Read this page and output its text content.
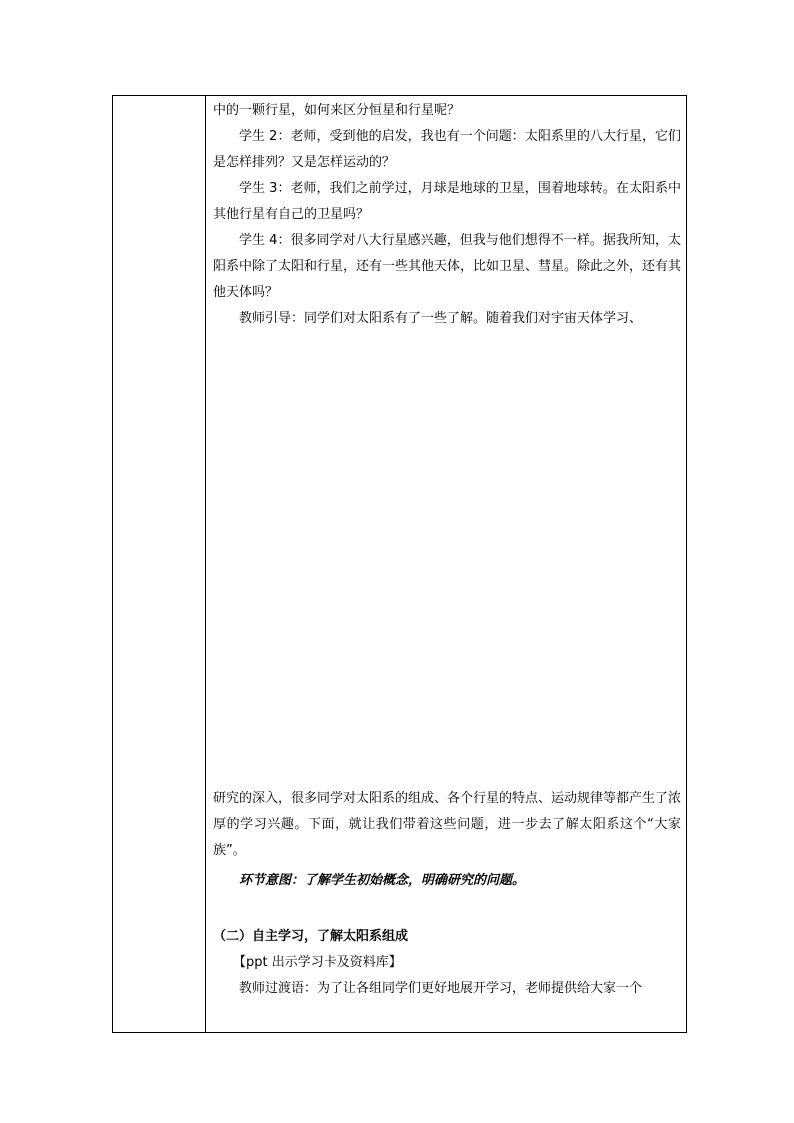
中的一颗行星，如何来区分恒星和行星呢？

学生 2：老师，受到他的启发，我也有一个问题：太阳系里的八大行星，它们是怎样排列？又是怎样运动的？

学生 3：老师，我们之前学过，月球是地球的卫星，围着地球转。在太阳系中其他行星有自己的卫星吗？

学生 4：很多同学对八大行星感兴趣，但我与他们想得不一样。据我所知，太阳系中除了太阳和行星，还有一些其他天体，比如卫星、彗星。除此之外，还有其他天体吗？

教师引导：同学们对太阳系有了一些了解。随着我们对宇宙天体学习、

研究的深入，很多同学对太阳系的组成、各个行星的特点、运动规律等都产生了浓厚的学习兴趣。下面，就让我们带着这些问题，进一步去了解太阳系这个“大家族”。

环节意图：了解学生初始概念，明确研究的问题。

（二）自主学习，了解太阳系组成

【ppt 出示学习卡及资料库】

教师过渡语：为了让各组同学们更好地展开学习，老师提供给大家一个
